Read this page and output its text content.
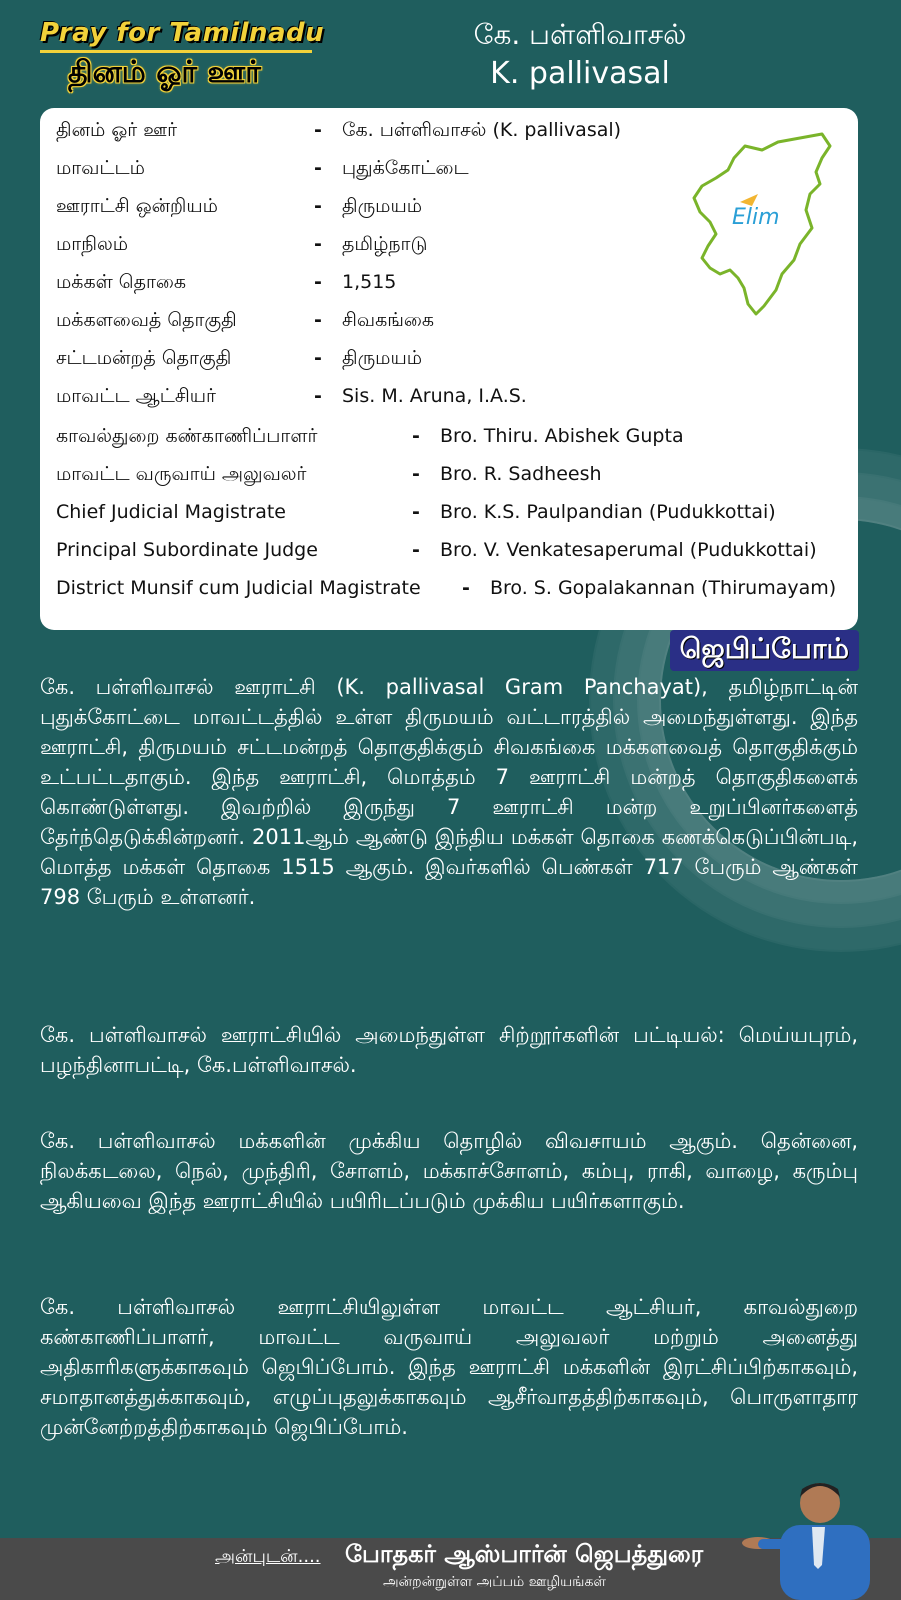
Pray for Tamilnadu
தினம் ஓர் ஊர்
கே. பள்ளிவாசல்
K. pallivasal
தினம் ஓர் ஊர்	- கே. பள்ளிவாசல் (K. pallivasal)
மாவட்டம்	- புதுக்கோட்டை
ஊராட்சி ஒன்றியம்	- திருமயம்
மாநிலம்	- தமிழ்நாடு
மக்கள் தொகை	- 1,515
மக்களவைத் தொகுதி	- சிவகங்கை
சட்டமன்றத் தொகுதி	- திருமயம்
மாவட்ட ஆட்சியர்	- Sis. M. Aruna, I.A.S.
காவல்துறை கண்காணிப்பாளர்	- Bro. Thiru. Abishek Gupta
மாவட்ட வருவாய் அலுவலர்	- Bro. R. Sadheesh
Chief Judicial Magistrate	- Bro. K.S. Paulpandian (Pudukkottai)
Principal Subordinate Judge	- Bro. V. Venkatesaperumal (Pudukkottai)
District Munsif cum Judicial Magistrate - Bro. S. Gopalakannan (Thirumayam)
Elim
ஜெபிப்போம்
கே. பள்ளிவாசல் ஊராட்சி (K. pallivasal Gram Panchayat), தமிழ்நாட்டின் புதுக்கோட்டை மாவட்டத்தில் உள்ள திருமயம் வட்டாரத்தில் அமைந்துள்ளது. இந்த ஊராட்சி, திருமயம் சட்டமன்றத் தொகுதிக்கும் சிவகங்கை மக்களவைத் தொகுதிக்கும் உட்பட்டதாகும். இந்த ஊராட்சி, மொத்தம் 7 ஊராட்சி மன்றத் தொகுதிகளைக் கொண்டுள்ளது. இவற்றில் இருந்து 7 ஊராட்சி மன்ற உறுப்பினர்களைத் தேர்ந்தெடுக்கின்றனர். 2011ஆம் ஆண்டு இந்திய மக்கள் தொகை கணக்கெடுப்பின்படி, மொத்த மக்கள் தொகை 1515 ஆகும். இவர்களில் பெண்கள் 717 பேரும் ஆண்கள் 798 பேரும் உள்ளனர்.
கே. பள்ளிவாசல் ஊராட்சியில் அமைந்துள்ள சிற்றூர்களின் பட்டியல்: மெய்யபுரம், பழந்தினாபட்டி, கே.பள்ளிவாசல்.
கே. பள்ளிவாசல் மக்களின் முக்கிய தொழில் விவசாயம் ஆகும். தென்னை, நிலக்கடலை, நெல், முந்திரி, சோளம், மக்காச்சோளம், கம்பு, ராகி, வாழை, கரும்பு ஆகியவை இந்த ஊராட்சியில் பயிரிடப்படும் முக்கிய பயிர்களாகும்.
கே. பள்ளிவாசல் ஊராட்சியிலுள்ள மாவட்ட ஆட்சியர், காவல்துறை கண்காணிப்பாளர், மாவட்ட வருவாய் அலுவலர் மற்றும் அனைத்து அதிகாரிகளுக்காகவும் ஜெபிப்போம். இந்த ஊராட்சி மக்களின் இரட்சிப்பிற்காகவும், சமாதானத்துக்காகவும், எழுப்புதலுக்காகவும் ஆசீர்வாதத்திற்காகவும், பொருளாதார முன்னேற்றத்திற்காகவும் ஜெபிப்போம்.
அன்புடன்.... போதகர் ஆஸ்பார்ன் ஜெபத்துரை
அன்றன்றுள்ள அப்பம் ஊழியங்கள்
